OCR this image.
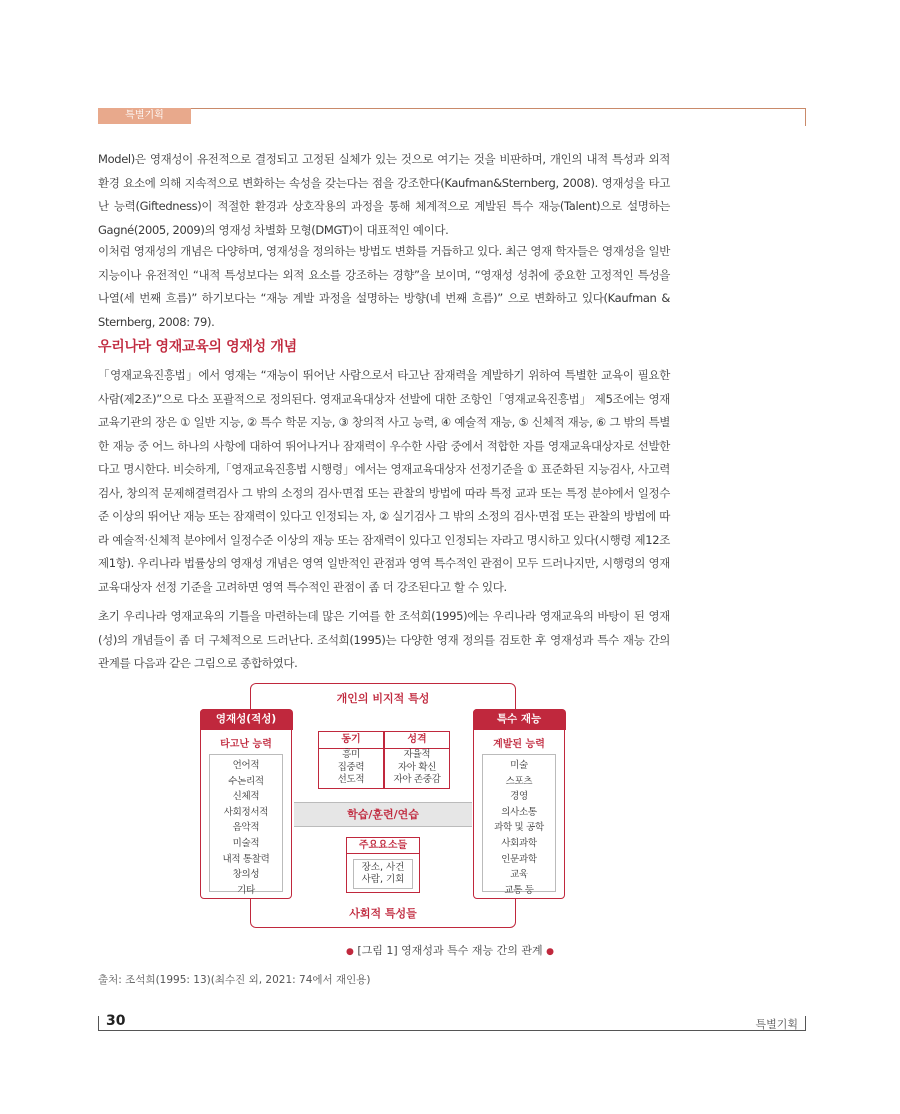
특별기획

Model)은 영재성이 유전적으로 결정되고 고정된 실체가 있는 것으로 여기는 것을 비판하며, 개인의 내적 특성과 외적 환경 요소에 의해 지속적으로 변화하는 속성을 갖는다는 점을 강조한다(Kaufman&Sternberg, 2008). 영재성을 타고난 능력(Giftedness)이 적절한 환경과 상호작용의 과정을 통해 체계적으로 계발된 특수 재능(Talent)으로 설명하는 Gagné(2005, 2009)의 영재성 차별화 모형(DMGT)이 대표적인 예이다.

이처럼 영재성의 개념은 다양하며, 영재성을 정의하는 방법도 변화를 거듭하고 있다. 최근 영재 학자들은 영재성을 일반 지능이나 유전적인 “내적 특성보다는 외적 요소를 강조하는 경향”을 보이며, “영재성 성취에 중요한 고정적인 특성을 나열(세 번째 흐름)” 하기보다는 “재능 계발 과정을 설명하는 방향(네 번째 흐름)” 으로 변화하고 있다(Kaufman & Sternberg, 2008: 79).

우리나라 영재교육의 영재성 개념

「영재교육진흥법」에서 영재는 “재능이 뛰어난 사람으로서 타고난 잠재력을 계발하기 위하여 특별한 교육이 필요한 사람(제2조)”으로 다소 포괄적으로 정의된다. 영재교육대상자 선발에 대한 조항인「영재교육진흥법」 제5조에는 영재교육기관의 장은 ① 일반 지능, ② 특수 학문 지능, ③ 창의적 사고 능력, ④ 예술적 재능, ⑤ 신체적 재능, ⑥ 그 밖의 특별한 재능 중 어느 하나의 사항에 대하여 뛰어나거나 잠재력이 우수한 사람 중에서 적합한 자를 영재교육대상자로 선발한다고 명시한다. 비슷하게,「영재교육진흥법 시행령」에서는 영재교육대상자 선정기준을 ① 표준화된 지능검사, 사고력검사, 창의적 문제해결력검사 그 밖의 소정의 검사·면접 또는 관찰의 방법에 따라 특정 교과 또는 특정 분야에서 일정수준 이상의 뛰어난 재능 또는 잠재력이 있다고 인정되는 자, ② 실기검사 그 밖의 소정의 검사·면접 또는 관찰의 방법에 따라 예술적·신체적 분야에서 일정수준 이상의 재능 또는 잠재력이 있다고 인정되는 자라고 명시하고 있다(시행령 제12조 제1항). 우리나라 법률상의 영재성 개념은 영역 일반적인 관점과 영역 특수적인 관점이 모두 드러나지만, 시행령의 영재교육대상자 선정 기준을 고려하면 영역 특수적인 관점이 좀 더 강조된다고 할 수 있다.

초기 우리나라 영재교육의 기틀을 마련하는데 많은 기여를 한 조석희(1995)에는 우리나라 영재교육의 바탕이 된 영재(성)의 개념들이 좀 더 구체적으로 드러난다. 조석희(1995)는 다양한 영재 정의를 검토한 후 영재성과 특수 재능 간의 관계를 다음과 같은 그림으로 종합하였다.

개인의 비지적 특성
사회적 특성들
영재성(적성)
타고난 능력
언어적
수논리적
신체적
사회정서적
음악적
미술적
내적 통찰력
창의성
기타
특수 재능
계발된 능력
미술
스포츠
경영
의사소통
과학 및 공학
사회과학
인문과학
교육
교통 등
동기
흥미
집중력
선도적
성격
자율적
자아 확신
자아 존중감
학습/훈련/연습
주요요소들
장소, 사건
사람, 기회
● [그림 1] 영재성과 특수 재능 간의 관계 ●

출처: 조석희(1995: 13)(최수진 외, 2021: 74에서 재인용)

30	특별기획
